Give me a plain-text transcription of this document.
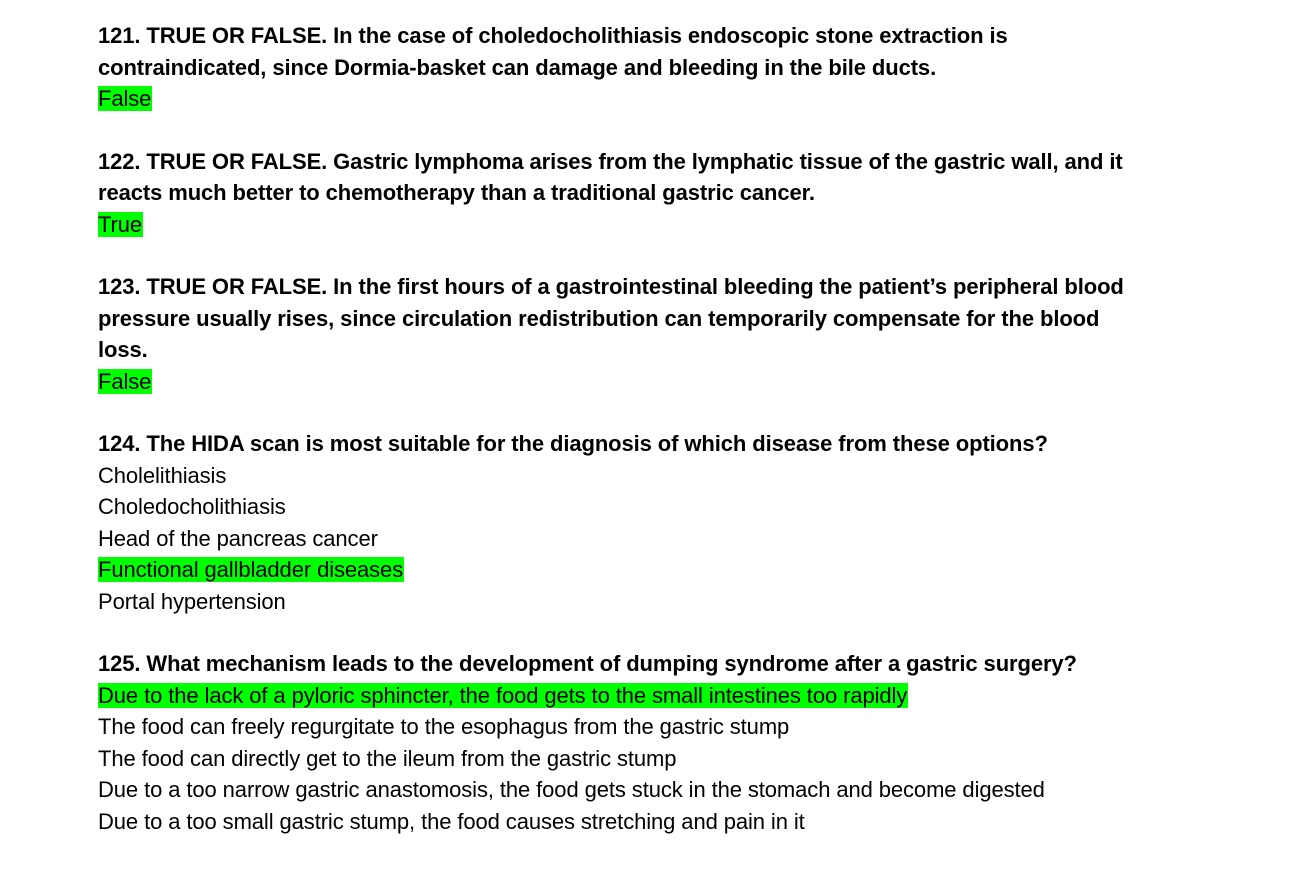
121. TRUE OR FALSE. In the case of choledocholithiasis endoscopic stone extraction is
contraindicated, since Dormia-basket can damage and bleeding in the bile ducts.
False
122. TRUE OR FALSE. Gastric lymphoma arises from the lymphatic tissue of the gastric wall, and it
reacts much better to chemotherapy than a traditional gastric cancer.
True
123. TRUE OR FALSE. In the first hours of a gastrointestinal bleeding the patient’s peripheral blood
pressure usually rises, since circulation redistribution can temporarily compensate for the blood
loss.
False
124. The HIDA scan is most suitable for the diagnosis of which disease from these options?
Cholelithiasis
Choledocholithiasis
Head of the pancreas cancer
Functional gallbladder diseases
Portal hypertension
125. What mechanism leads to the development of dumping syndrome after a gastric surgery?
Due to the lack of a pyloric sphincter, the food gets to the small intestines too rapidly
The food can freely regurgitate to the esophagus from the gastric stump
The food can directly get to the ileum from the gastric stump
Due to a too narrow gastric anastomosis, the food gets stuck in the stomach and become digested
Due to a too small gastric stump, the food causes stretching and pain in it
